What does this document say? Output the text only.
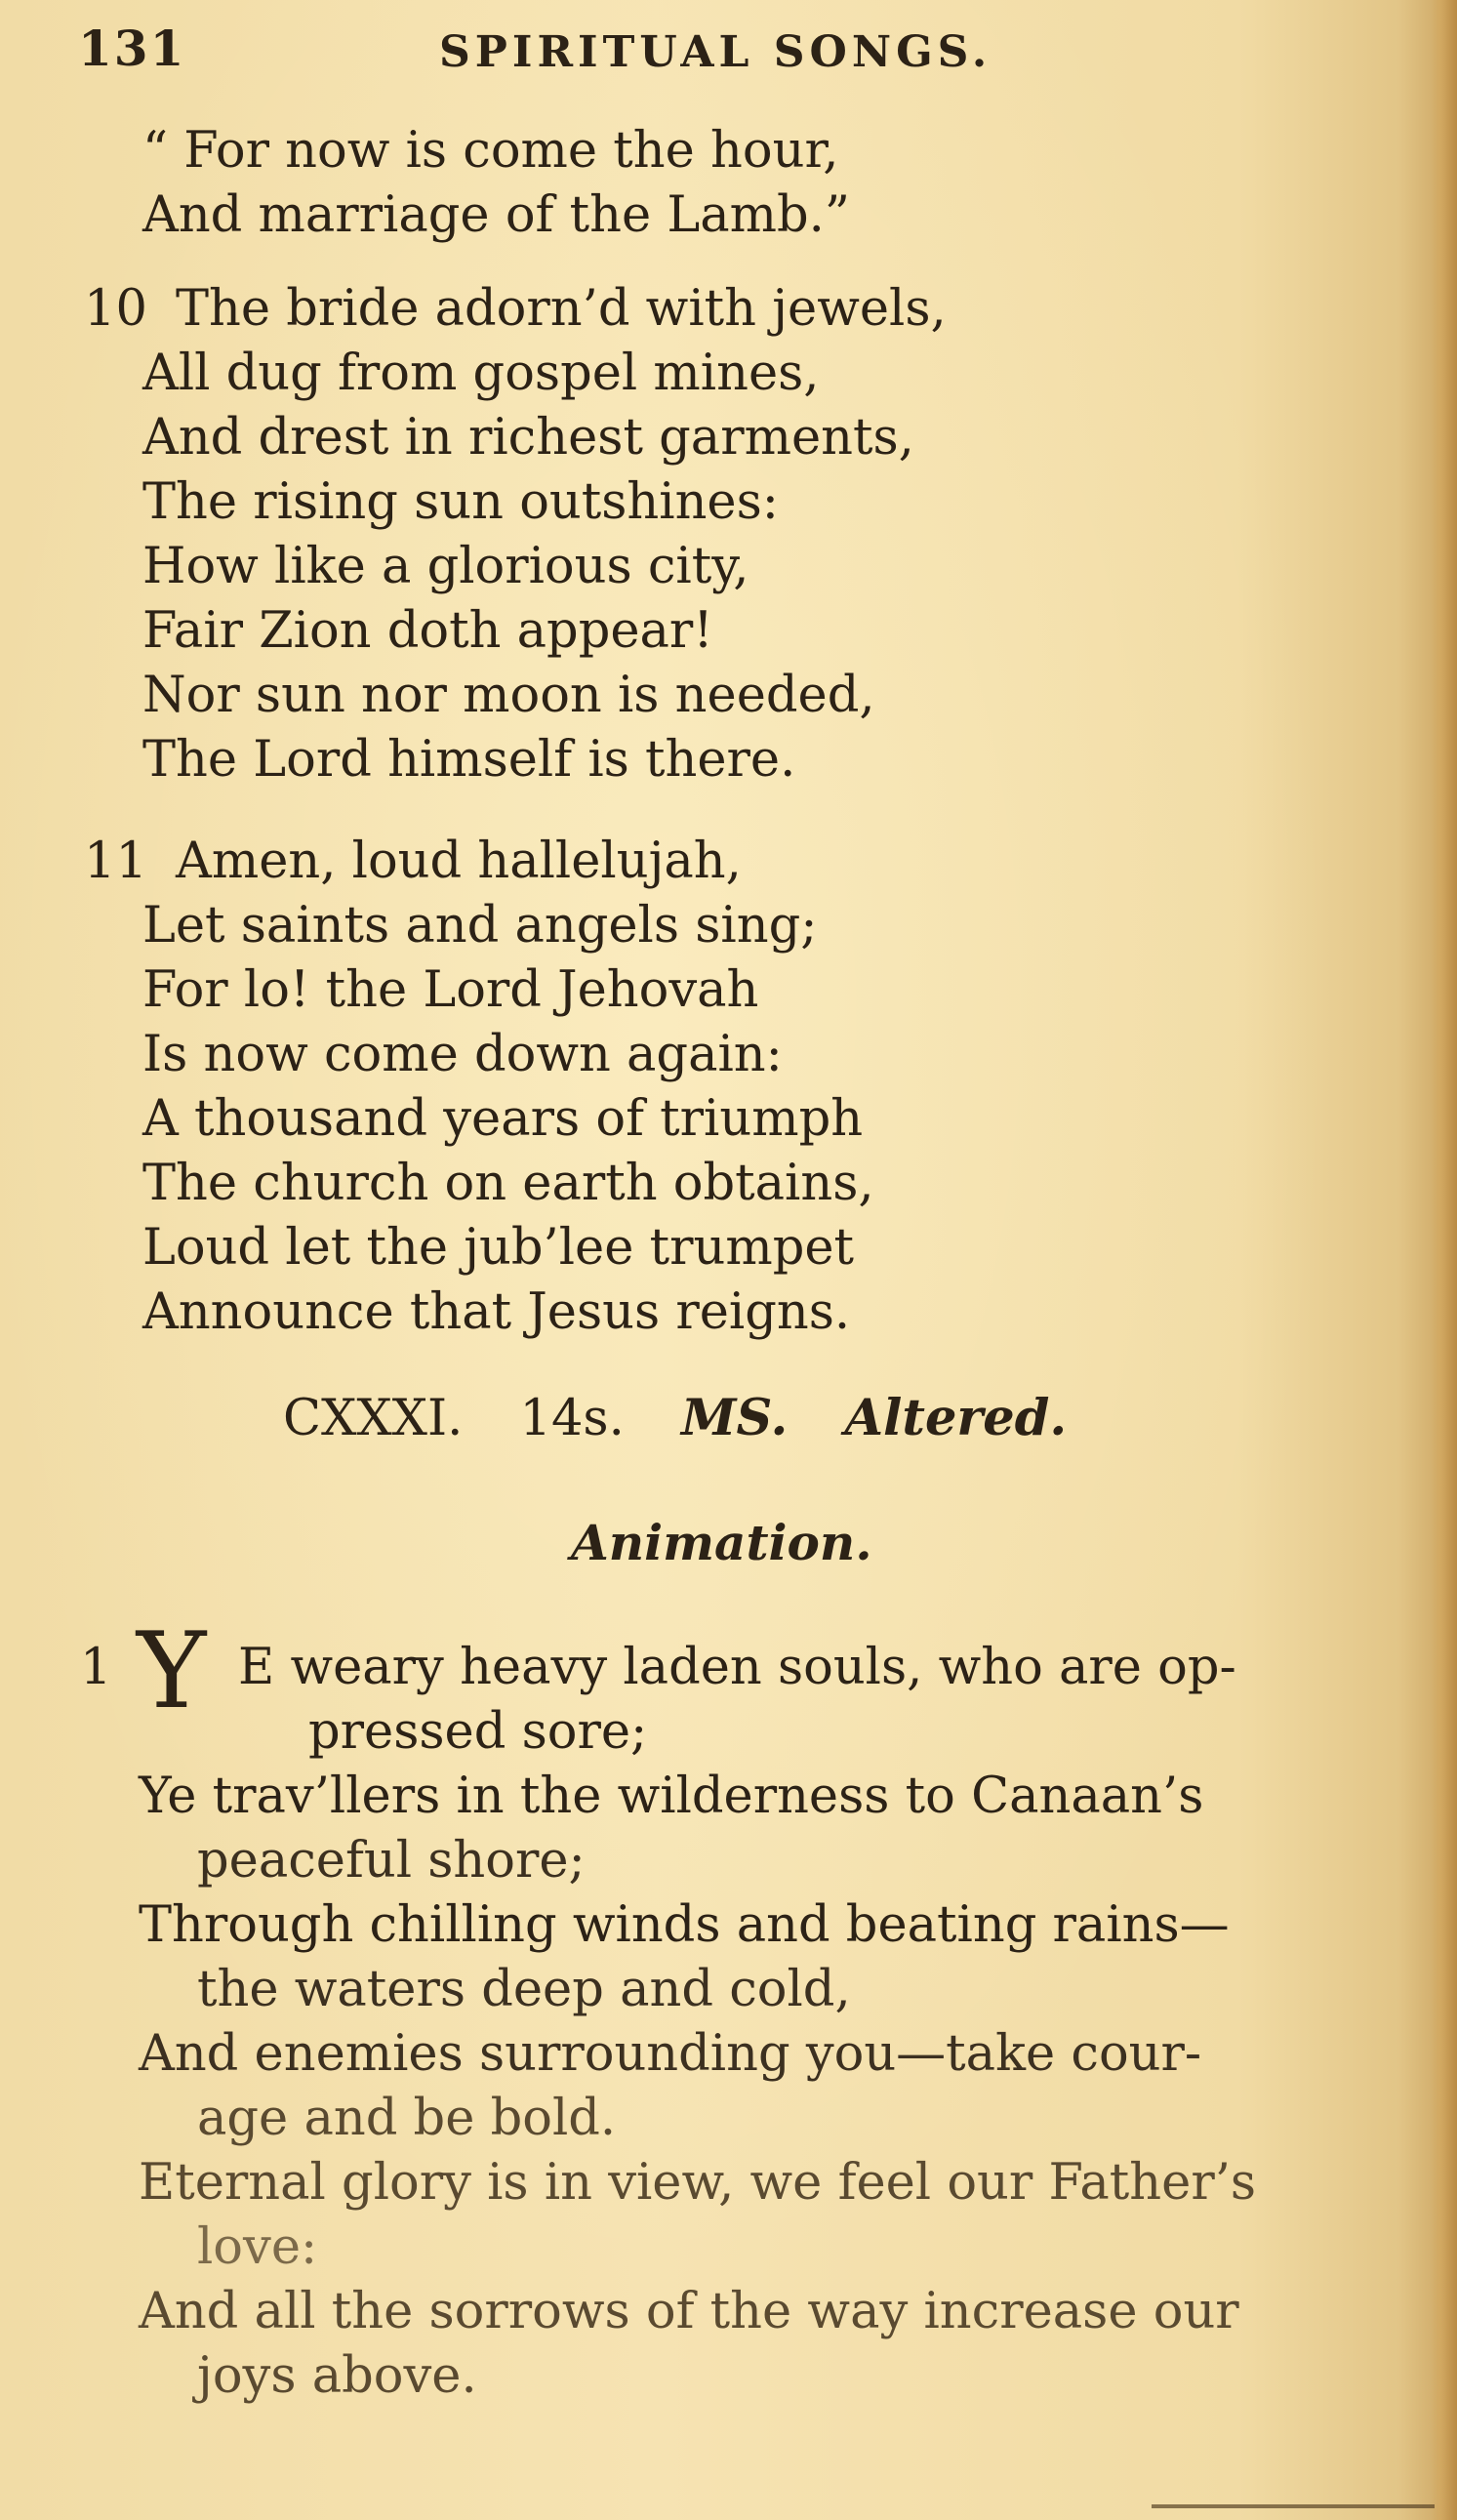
131	SPIRITUAL SONGS.
“ For now is come the hour,
And marriage of the Lamb.”
10 The bride adorn’d with jewels,
All dug from gospel mines,
And drest in richest garments,
The rising sun outshines:
How like a glorious city,
Fair Zion doth appear!
Nor sun nor moon is needed,
The Lord himself is there.
11 Amen, loud hallelujah,
Let saints and angels sing;
For lo! the Lord Jehovah
Is now come down again:
A thousand years of triumph
The church on earth obtains,
Loud let the jub’lee trumpet
Announce that Jesus reigns.
CXXXI. 14s. MS. Altered.
Animation.
1 Y E weary heavy laden souls, who are op-
pressed sore;
Ye trav’llers in the wilderness to Canaan’s
peaceful shore;
Through chilling winds and beating rains—
the waters deep and cold,
And enemies surrounding you—take cour-
age and be bold.
Eternal glory is in view, we feel our Father’s
love:
And all the sorrows of the way increase our
joys above.
